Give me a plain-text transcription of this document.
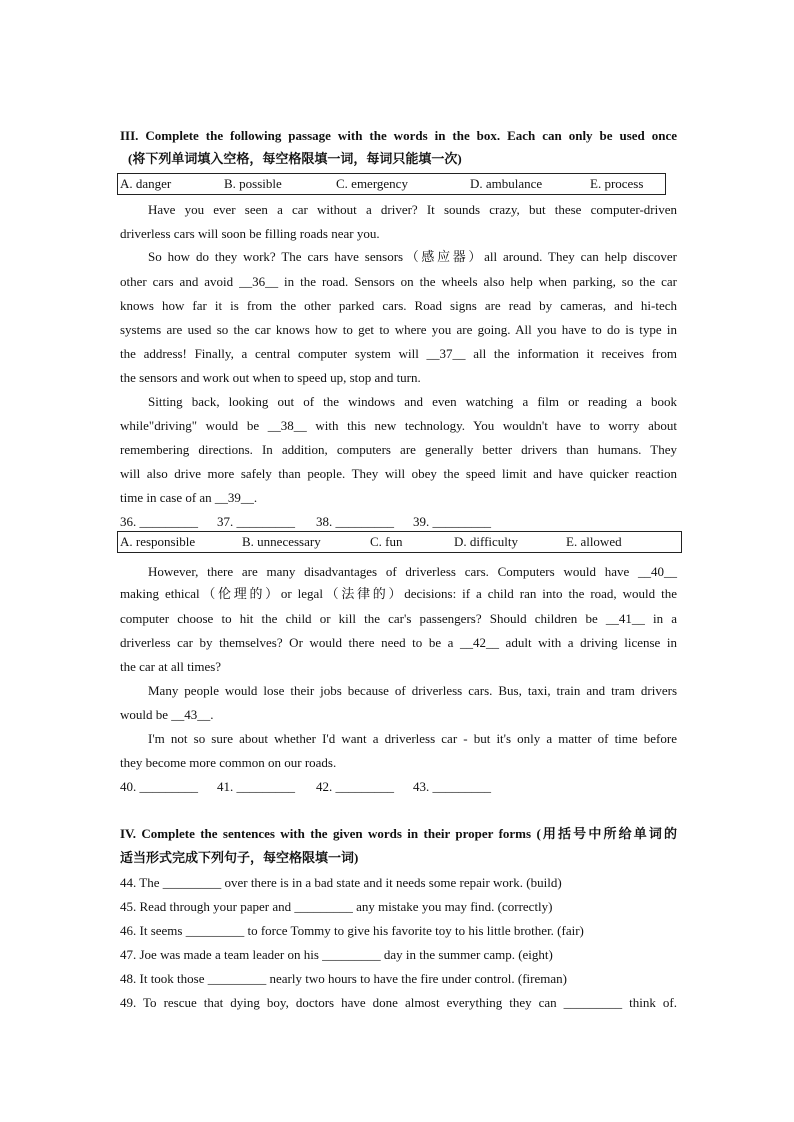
III. Complete the following passage with the words in the box. Each can only be used once
(将下列单词填入空格，每空格限填一词，每词只能填一次)
A. danger	B. possible	C. emergency	D. ambulance	E. process
Have you ever seen a car without a driver? It sounds crazy, but these computer-driven
driverless cars will soon be filling roads near you.
So how do they work? The cars have sensors（感应器）all around. They can help discover
other cars and avoid __36__ in the road. Sensors on the wheels also help when parking, so the car
knows how far it is from the other parked cars. Road signs are read by cameras, and hi-tech
systems are used so the car knows how to get to where you are going. All you have to do is type in
the address! Finally, a central computer system will __37__ all the information it receives from
the sensors and work out when to speed up, stop and turn.
Sitting back, looking out of the windows and even watching a film or reading a book
while"driving" would be __38__ with this new technology. You wouldn't have to worry about
remembering directions. In addition, computers are generally better drivers than humans. They
will also drive more safely than people. They will obey the speed limit and have quicker reaction
time in case of an __39__.
36. _________ 37. _________ 38. _________ 39. _________
A. responsible	B. unnecessary	C. fun	D. difficulty	E. allowed
However, there are many disadvantages of driverless cars. Computers would have __40__
making ethical（伦理的）or legal（法律的）decisions: if a child ran into the road, would the
computer choose to hit the child or kill the car's passengers? Should children be __41__ in a
driverless car by themselves? Or would there need to be a __42__ adult with a driving license in
the car at all times?
Many people would lose their jobs because of driverless cars. Bus, taxi, train and tram drivers
would be __43__.
I'm not so sure about whether I'd want a driverless car - but it's only a matter of time before
they become more common on our roads.
40. _________ 41. _________ 42. _________ 43. _________
IV. Complete the sentences with the given words in their proper forms (用括号中所给单词的
适当形式完成下列句子，每空格限填一词)
44. The _________ over there is in a bad state and it needs some repair work. (build)
45. Read through your paper and _________ any mistake you may find. (correctly)
46. It seems _________ to force Tommy to give his favorite toy to his little brother. (fair)
47. Joe was made a team leader on his _________ day in the summer camp. (eight)
48. It took those _________ nearly two hours to have the fire under control. (fireman)
49. To rescue that dying boy, doctors have done almost everything they can _________ think of.
